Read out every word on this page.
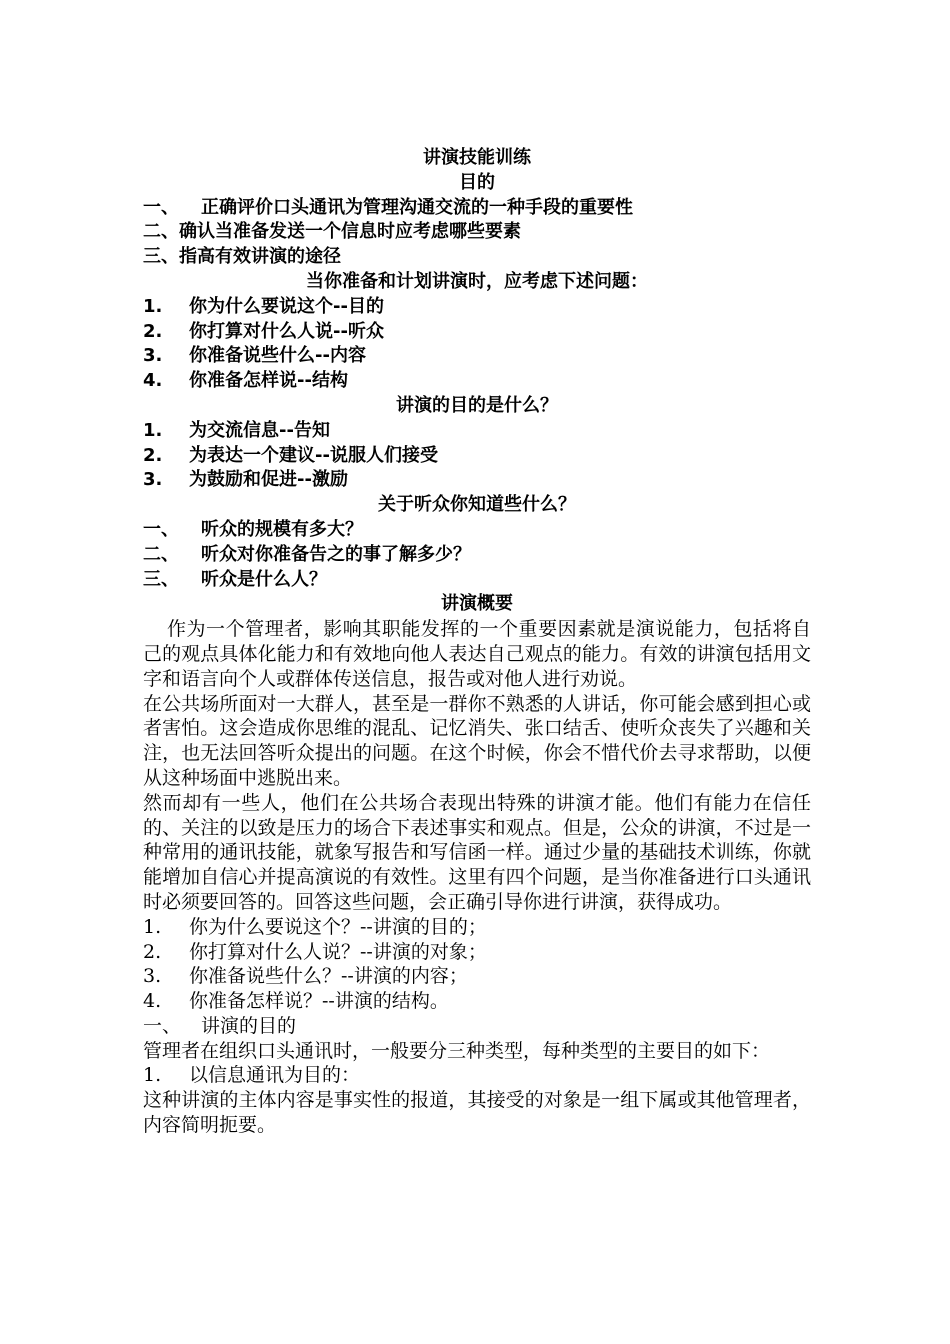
讲演技能训练
目的
一、 正确评价口头通讯为管理沟通交流的一种手段的重要性
二、确认当准备发送一个信息时应考虑哪些要素
三、指高有效讲演的途径
当你准备和计划讲演时，应考虑下述问题：
1. 你为什么要说这个--目的
2. 你打算对什么人说--听众
3. 你准备说些什么--内容
4. 你准备怎样说--结构
讲演的目的是什么？
1. 为交流信息--告知
2. 为表达一个建议--说服人们接受
3. 为鼓励和促进--激励
关于听众你知道些什么？
一、 听众的规模有多大？
二、 听众对你准备告之的事了解多少？
三、 听众是什么人？
讲演概要
作为一个管理者，影响其职能发挥的一个重要因素就是演说能力，包括将自己的观点具体化能力和有效地向他人表达自己观点的能力。有效的讲演包括用文字和语言向个人或群体传送信息，报告或对他人进行劝说。
在公共场所面对一大群人，甚至是一群你不熟悉的人讲话，你可能会感到担心或者害怕。这会造成你思维的混乱、记忆消失、张口结舌、使听众丧失了兴趣和关注，也无法回答听众提出的问题。在这个时候，你会不惜代价去寻求帮助，以便从这种场面中逃脱出来。
然而却有一些人，他们在公共场合表现出特殊的讲演才能。他们有能力在信任的、关注的以致是压力的场合下表述事实和观点。但是，公众的讲演，不过是一种常用的通讯技能，就象写报告和写信函一样。通过少量的基础技术训练，你就能增加自信心并提高演说的有效性。这里有四个问题，是当你准备进行口头通讯时必须要回答的。回答这些问题，会正确引导你进行讲演，获得成功。
1. 你为什么要说这个？--讲演的目的；
2. 你打算对什么人说？--讲演的对象；
3. 你准备说些什么？--讲演的内容；
4. 你准备怎样说？--讲演的结构。
一、 讲演的目的
管理者在组织口头通讯时，一般要分三种类型，每种类型的主要目的如下：
1. 以信息通讯为目的：
这种讲演的主体内容是事实性的报道，其接受的对象是一组下属或其他管理者，内容简明扼要。
